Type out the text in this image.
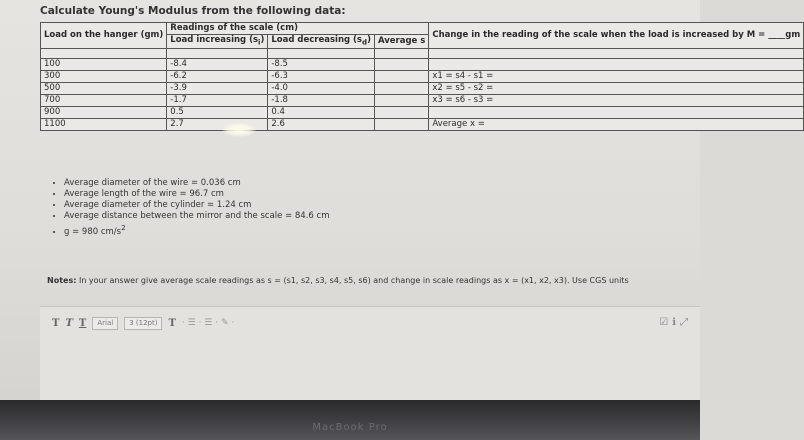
Calculate Young's Modulus from the following data:
Load on the hanger (gm)	Readings of the scale (cm)			Change in the reading of the scale when the load is increased by M = ____gm
	Load increasing $(s_i)$	Load decreasing $(s_d)$	Average s	

100	-8.4	-8.5		
300	-6.2	-6.3		x1 = s4 - s1 =
500	-3.9	-4.0		x2 = s5 - s2 =
700	-1.7	-1.8		x3 = s6 - s3 =
900	0.5	0.4		
1100	2.7	2.6		Average x =
• Average diameter of the wire = 0.036 cm
• Average length of the wire = 96.7 cm
• Average diameter of the cylinder = 1.24 cm
• Average distance between the mirror and the scale = 84.6 cm
• g = 980 $cm/s^2$
Notes: In your answer give average scale readings as s = (s1, s2, s3, s4, s5, s6) and change in scale readings as x = (x1, x2, x3). Use CGS units
T T T	Arial	3 (12pt)	T · ☰ · ☰ · ✎ ·	☑ ℹ ⤢
MacBook Pro
